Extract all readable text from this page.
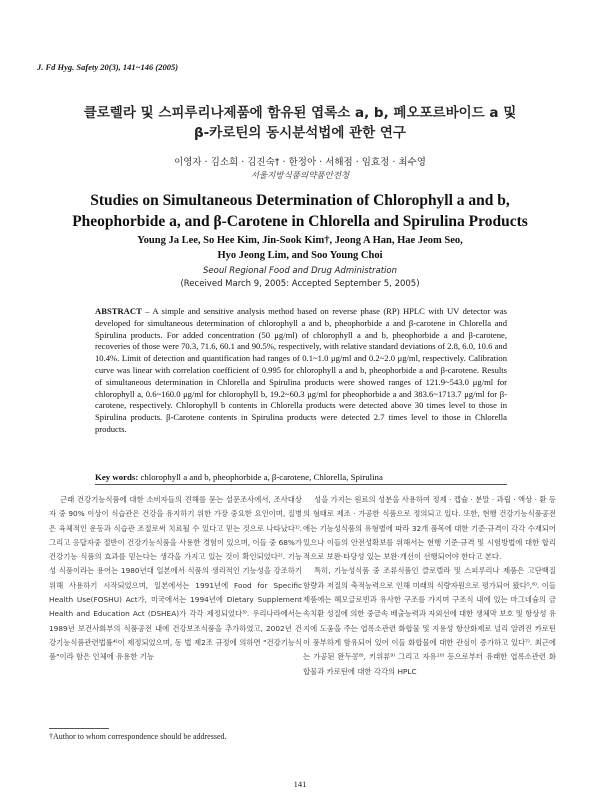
J. Fd Hyg. Safety 20(3), 141~146 (2005)
클로렐라 및 스피루리나제품에 함유된 엽록소 a, b, 페오포르바이드 a 및
β-카로틴의 동시분석법에 관한 연구
이영자 · 김소희 · 김진숙† · 한정아 · 서해점 · 임효정 · 최수영
서울지방식품의약품안전청
Studies on Simultaneous Determination of Chlorophyll a and b,
Pheophorbide a, and β-Carotene in Chlorella and Spirulina Products
Young Ja Lee, So Hee Kim, Jin-Sook Kim†, Jeong A Han, Hae Jeom Seo,
Hyo Jeong Lim, and Soo Young Choi
Seoul Regional Food and Drug Administration
(Received March 9, 2005: Accepted September 5, 2005)
ABSTRACT – A simple and sensitive analysis method based on reverse phase (RP) HPLC with UV detector was developed for simultaneous determination of chlorophyll a and b, pheophorbide a and β-carotene in Chlorella and Spirulina products. For added concentration (50 μg/ml) of chlorophyll a and b, pheophorbide a and β-carotene, recoveries of those were 70.3, 71.6, 60.1 and 90.5%, respectively, with relative standard deviations of 2.8, 6.0, 10.6 and 10.4%. Limit of detection and quantification had ranges of 0.1~1.0 μg/ml and 0.2~2.0 μg/ml, respectively. Calibration curve was linear with correlation coefficient of 0.995 for chlorophyll a and b, pheophorbide a and β-carotene. Results of simultaneous determination in Chlorella and Spirulina products were showed ranges of 121.9~543.0 μg/ml for chlorophyll a, 0.6~160.0 μg/ml for chlorophyll b, 19.2~60.3 μg/ml for pheophorbide a and 383.6~1713.7 μg/ml for β-carotene, respectively. Chlorophyll b contents in Chlorella products were detected above 30 times level to those in Spirulina products. β-Carotene contents in Spirulina products were detected 2.7 times level to those in Chlorella products.
Key words: chlorophyll a and b, pheophorbide a, β-carotene, Chlorella, Spirulina

근래 건강기능식품에 대한 소비자들의 견해를 묻는 설문조사에서, 조사대상자 중 90% 이상이 식습관은 건강을 유지하기 위한 가장 중요한 요인이며, 질병은 육체적인 운동과 식습관 조절로써 치료될 수 있다고 믿는 것으로 나타났다¹⁾. 그리고 응답자중 절반이 건강기능식품을 사용한 경험이 있으며, 이들 중 68%가 건강기능 식품의 효과를 믿는다는 생각을 가지고 있는 것이 확인되었다²⁾. 기능성 식품이라는 용어는 1980년대 일본에서 식품의 생리적인 기능성을 강조하기 위해 사용하기 시작되었으며, 일본에서는 1991년에 Food for Specific Health Use(FOSHU) Act가, 미국에서는 1994년에 Dietary Supplement Health and Education Act (DSHEA)가 각각 제정되었다³⁾. 우리나라에서는 1989년 보건사회부의 식품공전 내에 건강보조식품을 추가하였고, 2002년 건강기능식품관련법률⁴⁾이 제정되었으며, 동 법 제2조 규정에 의하면 "건강기능식품"이라 함은 인체에 유용한 기능

성을 가지는 원료의 성분을 사용하여 정제 · 캡슐 · 분말 · 과립 · 액상 · 환 등의 형태로 제조 · 가공한 식품으로 정의되고 있다. 또한, 현행 건강기능식품공전에는 기능성식품의 유형별에 따라 32개 품목에 대한 기준·규격이 각각 수재되어 있으나 이들의 안전성확보를 위해서는 현행 기준·규격 및 시험방법에 대한 합리적으로 보완·타당성 있는 보완·개선이 선행되어야 한다고 본다.

특히, 기능성식품 중 조류식품인 클로렐라 및 스피루리나 제품은 고단백질 함량과 저질의 축적능력으로 인해 미래의 식량자원으로 평가되어 왔다⁵,⁶⁾. 이들 제품에는 헤모글로빈과 유사한 구조를 가지며 구조식 내에 있는 마그네슘의 금속치환 성질에 의한 중금속 배출능력과 자외선에 대한 생체막 보호 및 항상성 유지에 도움을 주는 엽록소관련 화합물 및 지용성 항산화제로 널리 알려진 카로틴이 풍부하게 함유되어 있어 이들 화합물에 대한 관심이 증가하고 있다⁷⁾. 최근에는 가공된 완두콩⁸⁾, 키위류⁹⁾ 그리고 자유¹⁰⁾ 등으로부터 유래한 엽록소관련 화합물과 카로틴에 대한 각각의 HPLC

†Author to whom correspondence should be addressed.
141
